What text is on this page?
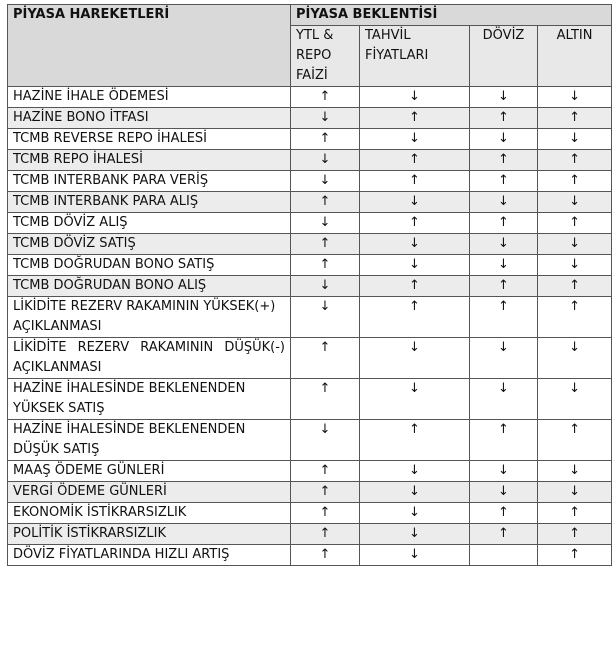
PİYASA HAREKETLERİ	PİYASA BEKLENTİSİ			
	YTL & REPO FAİZİ	TAHVİL FİYATLARI	DÖVİZ	ALTIN
HAZİNE İHALE ÖDEMESİ	↑	↓	↓	↓
HAZİNE BONO İTFASI	↓	↑	↑	↑
TCMB REVERSE REPO İHALESİ	↑	↓	↓	↓
TCMB REPO İHALESİ	↓	↑	↑	↑
TCMB INTERBANK PARA VERİŞ	↓	↑	↑	↑
TCMB INTERBANK PARA ALIŞ	↑	↓	↓	↓
TCMB DÖVİZ ALIŞ	↓	↑	↑	↑
TCMB DÖVİZ SATIŞ	↑	↓	↓	↓
TCMB DOĞRUDAN BONO SATIŞ	↑	↓	↓	↓
TCMB DOĞRUDAN BONO ALIŞ	↓	↑	↑	↑
LİKİDİTE REZERV RAKAMININ YÜKSEK(+) AÇIKLANMASI	↓	↑	↑	↑

LİKİDİTE REZERV RAKAMININ DÜŞÜK(-) AÇIKLANMASI	↑	↓	↓	↓
HAZİNE İHALESİNDE BEKLENENDEN YÜKSEK SATIŞ	↑	↓	↓	↓
HAZİNE İHALESİNDE BEKLENENDEN DÜŞÜK SATIŞ	↓	↑	↑	↑
MAAŞ ÖDEME GÜNLERİ	↑	↓	↓	↓
VERGİ ÖDEME GÜNLERİ	↑	↓	↓	↓
EKONOMİK İSTİKRARSIZLIK	↑	↓	↑	↑
POLİTİK İSTİKRARSIZLIK	↑	↓	↑	↑
DÖVİZ FİYATLARINDA HIZLI ARTIŞ	↑	↓		↑
